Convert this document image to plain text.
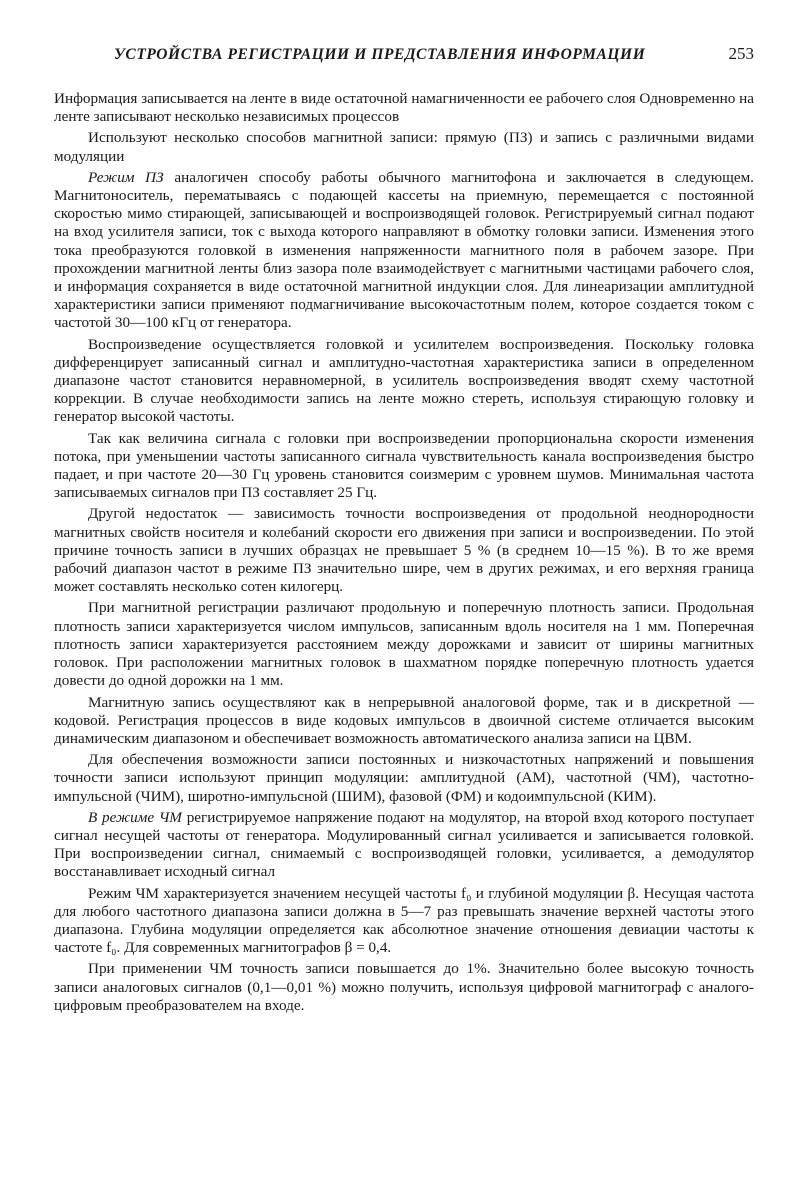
УСТРОЙСТВА РЕГИСТРАЦИИ И ПРЕДСТАВЛЕНИЯ ИНФОРМАЦИИ	253

Информация записывается на ленте в виде остаточной намагниченности ее рабочего слоя Одновременно на ленте записывают несколько независимых процессов

Используют несколько способов магнитной записи: прямую (ПЗ) и запись с различными видами модуляции

Режим ПЗ аналогичен способу работы обычного магнитофона и заключается в следующем. Магнитоноситель, перематываясь с подающей кассеты на приемную, перемещается с постоянной скоростью мимо стирающей, записывающей и воспроизводящей головок. Регистрируемый сигнал подают на вход усилителя записи, ток с выхода которого направляют в обмотку головки записи. Изменения этого тока преобразуются головкой в изменения напряженности магнитного поля в рабочем зазоре. При прохождении магнитной ленты близ зазора поле взаимодействует с магнитными частицами рабочего слоя, и информация сохраняется в виде остаточной магнитной индукции слоя. Для линеаризации амплитудной характеристики записи применяют подмагничивание высокочастотным полем, которое создается током с частотой 30—100 кГц от генератора.

Воспроизведение осуществляется головкой и усилителем воспроизведения. Поскольку головка дифференцирует записанный сигнал и амплитудно-частотная характеристика записи в определенном диапазоне частот становится неравномерной, в усилитель воспроизведения вводят схему частотной коррекции. В случае необходимости запись на ленте можно стереть, используя стирающую головку и генератор высокой частоты.

Так как величина сигнала с головки при воспроизведении пропорциональна скорости изменения потока, при уменьшении частоты записанного сигнала чувствительность канала воспроизведения быстро падает, и при частоте 20—30 Гц уровень становится соизмерим с уровнем шумов. Минимальная частота записываемых сигналов при ПЗ составляет 25 Гц.

Другой недостаток — зависимость точности воспроизведения от продольной неоднородности магнитных свойств носителя и колебаний скорости его движения при записи и воспроизведении. По этой причине точность записи в лучших образцах не превышает 5 % (в среднем 10—15 %). В то же время рабочий диапазон частот в режиме ПЗ значительно шире, чем в других режимах, и его верхняя граница может составлять несколько сотен килогерц.

При магнитной регистрации различают продольную и поперечную плотность записи. Продольная плотность записи характеризуется числом импульсов, записанным вдоль носителя на 1 мм. Поперечная плотность записи характеризуется расстоянием между дорожками и зависит от ширины магнитных головок. При расположении магнитных головок в шахматном порядке поперечную плотность удается довести до одной дорожки на 1 мм.

Магнитную запись осуществляют как в непрерывной аналоговой форме, так и в дискретной — кодовой. Регистрация процессов в виде кодовых импульсов в двоичной системе отличается высоким динамическим диапазоном и обеспечивает возможность автоматического анализа записи на ЦВМ.

Для обеспечения возможности записи постоянных и низкочастотных напряжений и повышения точности записи используют принцип модуляции: амплитудной (АМ), частотной (ЧМ), частотно-импульсной (ЧИМ), широтно-импульсной (ШИМ), фазовой (ФМ) и кодоимпульсной (КИМ).

В режиме ЧМ регистрируемое напряжение подают на модулятор, на второй вход которого поступает сигнал несущей частоты от генератора. Модулированный сигнал усиливается и записывается головкой. При воспроизведении сигнал, снимаемый с воспроизводящей головки, усиливается, а демодулятор восстанавливает исходный сигнал

Режим ЧМ характеризуется значением несущей частоты f₀ и глубиной модуляции β. Несущая частота для любого частотного диапазона записи должна в 5—7 раз превышать значение верхней частоты этого диапазона. Глубина модуляции определяется как абсолютное значение отношения девиации частоты к частоте f₀. Для современных магнитографов β = 0,4.

При применении ЧМ точность записи повышается до 1%. Значительно более высокую точность записи аналоговых сигналов (0,1—0,01 %) можно получить, используя цифровой магнитограф с аналого-цифровым преобразователем на входе.
